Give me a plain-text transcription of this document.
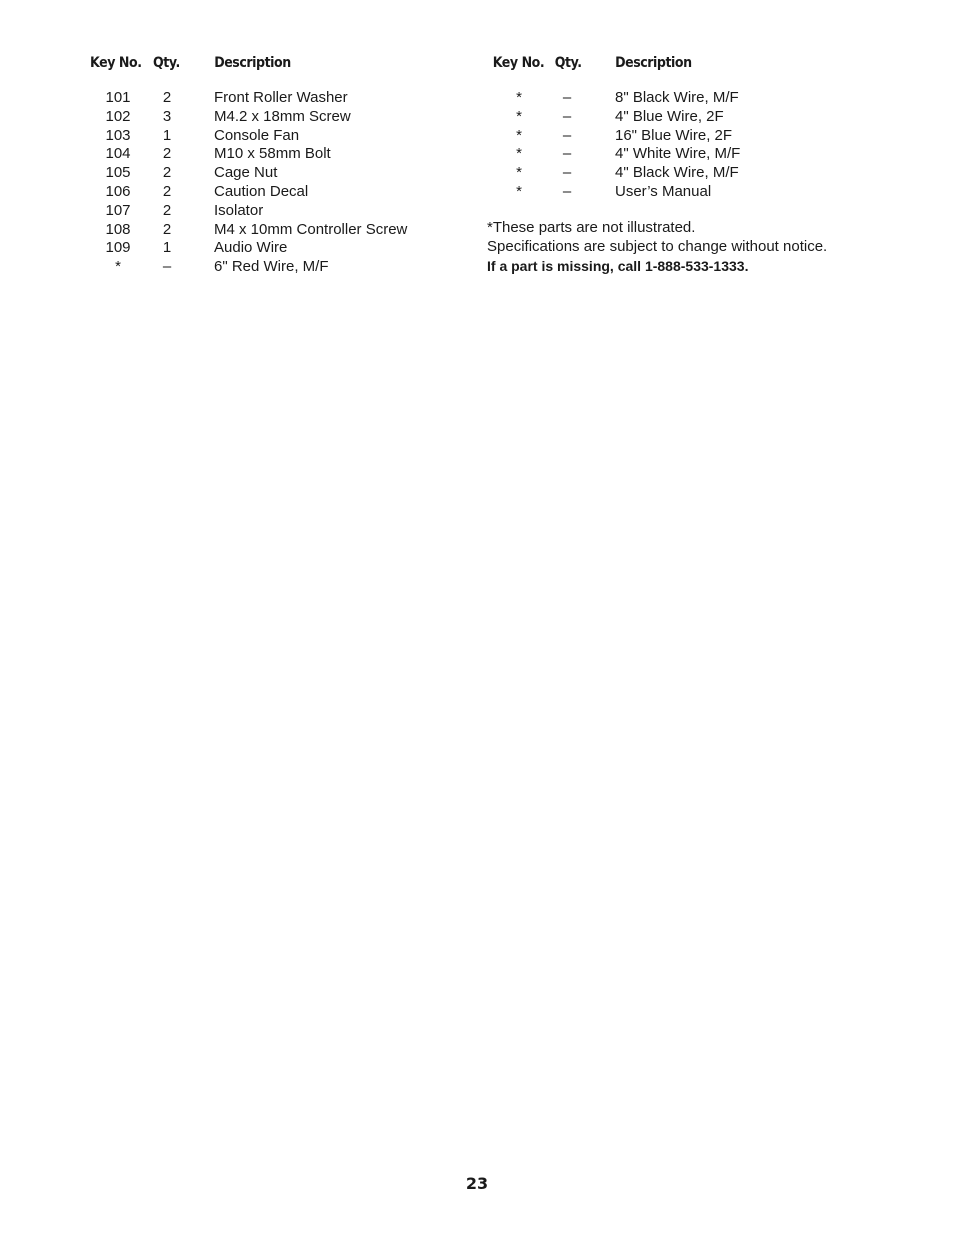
Key No. Qty. Description
101 2	Front Roller Washer
102 3	M4.2 x 18mm Screw
103 1	Console Fan
104 2	M10 x 58mm Bolt
105 2	Cage Nut
106 2	Caution Decal
107 2	Isolator
108 2	M4 x 10mm Controller Screw
109 1	Audio Wire
*	–	6" Red Wire, M/F
Key No. Qty. Description
*	–	8" Black Wire, M/F
*	–	4" Blue Wire, 2F
*	–	16" Blue Wire, 2F
*	–	4" White Wire, M/F
*	–	4" Black Wire, M/F
*	–	User’s Manual
*These parts are not illustrated.
Specifications are subject to change without notice.
If a part is missing, call 1-888-533-1333.
23
